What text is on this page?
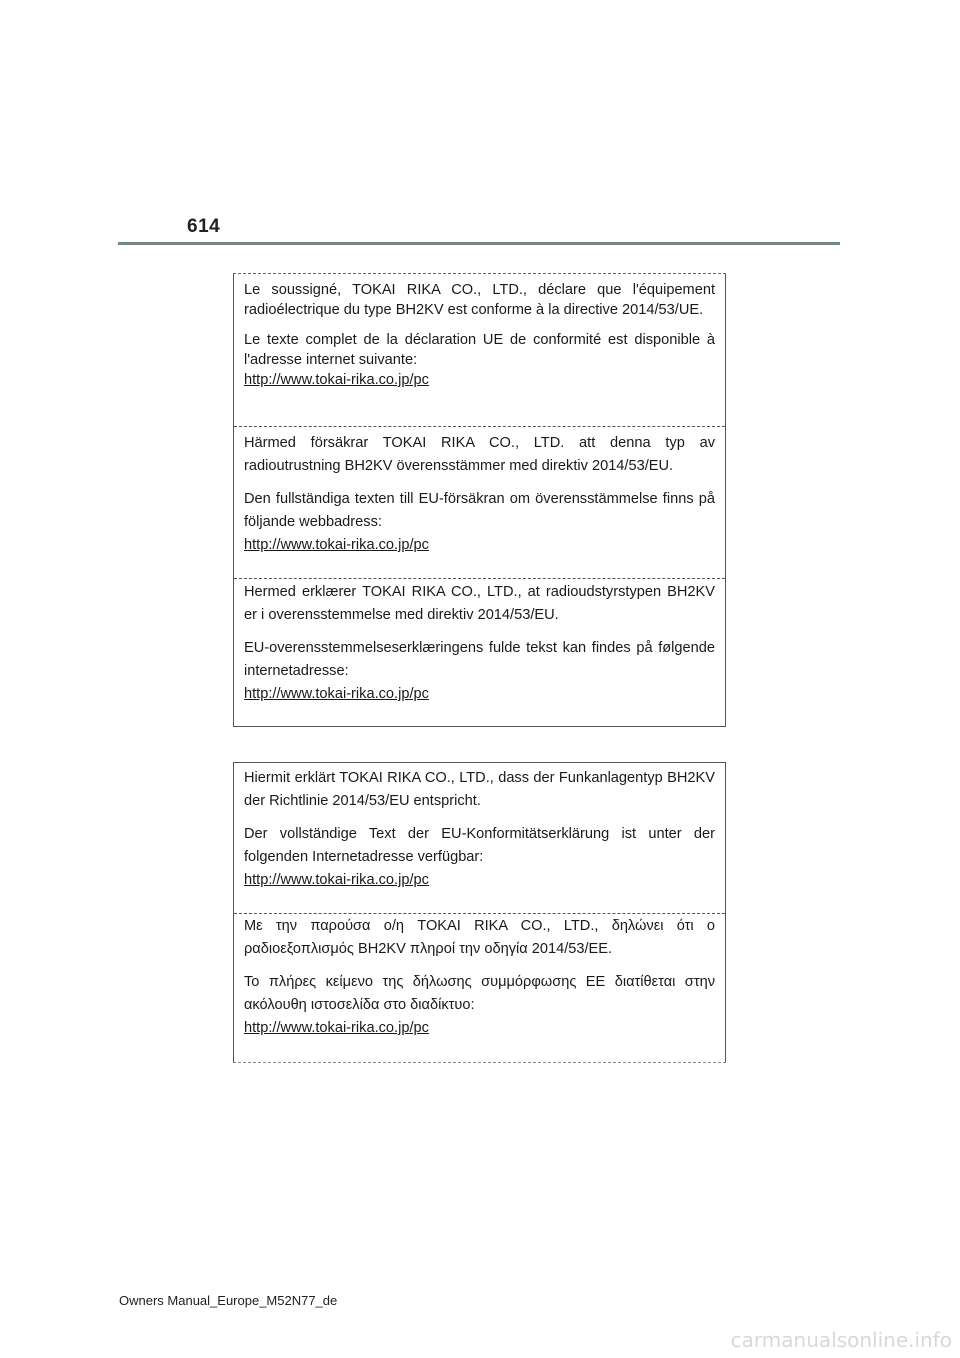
614

Le soussigné, TOKAI RIKA CO., LTD., déclare que l'équipement radioélectrique du type BH2KV est conforme à la directive 2014/53/UE.

Le texte complet de la déclaration UE de conformité est disponible à l'adresse internet suivante:

http://www.tokai-rika.co.jp/pc

Härmed försäkrar TOKAI RIKA CO., LTD. att denna typ av radioutrustning BH2KV överensstämmer med direktiv 2014/53/EU.

Den fullständiga texten till EU-försäkran om överensstämmelse finns på följande webbadress:

http://www.tokai-rika.co.jp/pc

Hermed erklærer TOKAI RIKA CO., LTD., at radioudstyrstypen BH2KV er i overensstemmelse med direktiv 2014/53/EU.

EU-overensstemmelseserklæringens fulde tekst kan findes på følgende internetadresse:

http://www.tokai-rika.co.jp/pc

Hiermit erklärt TOKAI RIKA CO., LTD., dass der Funkanlagentyp BH2KV der Richtlinie 2014/53/EU entspricht.

Der vollständige Text der EU-Konformitätserklärung ist unter der folgenden Internetadresse verfügbar:

http://www.tokai-rika.co.jp/pc

Με την παρούσα ο/η TOKAI RIKA CO., LTD., δηλώνει ότι ο ραδιοεξοπλισμός BH2KV πληροί την οδηγία 2014/53/ΕΕ.

Το πλήρες κείμενο της δήλωσης συμμόρφωσης ΕΕ διατίθεται στην ακόλουθη ιστοσελίδα στο διαδίκτυο:

http://www.tokai-rika.co.jp/pc

Owners Manual_Europe_M52N77_de
carmanualsonline.info
